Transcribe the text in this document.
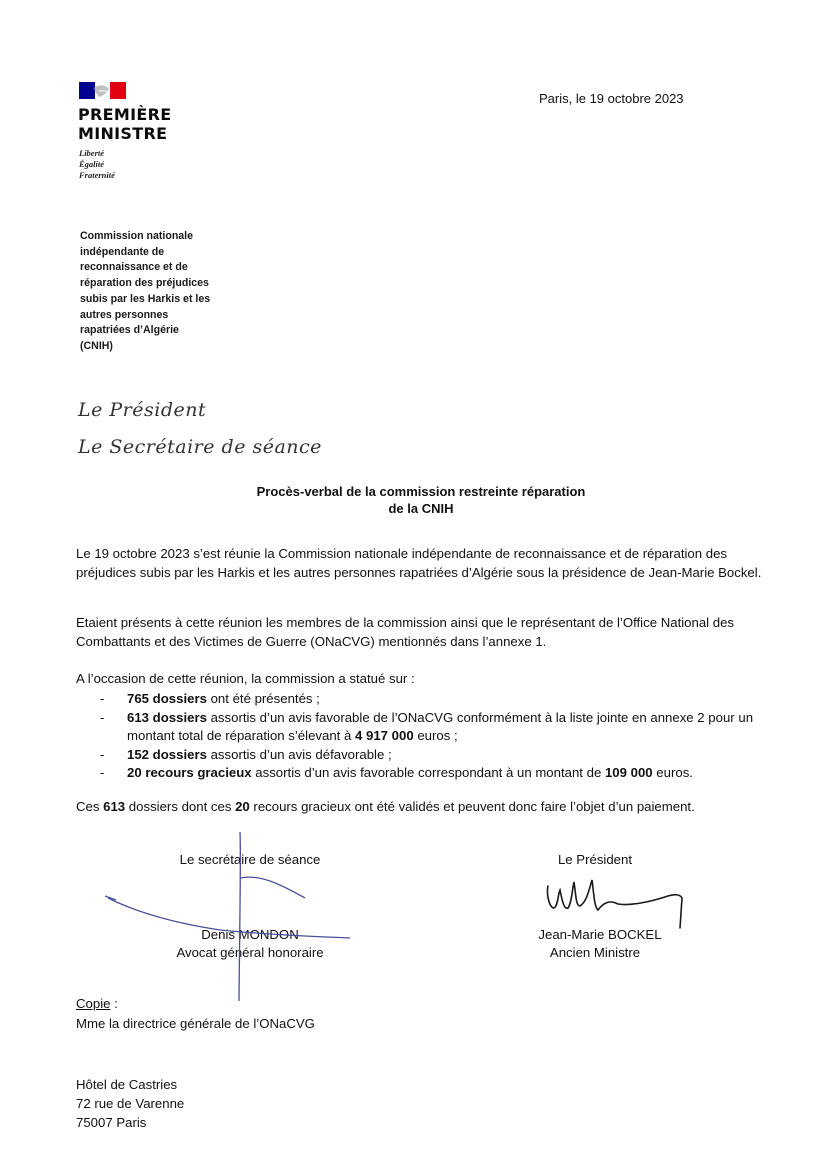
PREMIÈRE
MINISTRE
Liberté
Égalité
Fraternité
Paris, le 19 octobre 2023
Commission nationale
indépendante de
reconnaissance et de
réparation des préjudices
subis par les Harkis et les
autres personnes
rapatriées d’Algérie
(CNIH)
Le Président
Le Secrétaire de séance
Procès-verbal de la commission restreinte réparation
de la CNIH
Le 19 octobre 2023 s’est réunie la Commission nationale indépendante de reconnaissance et de réparation des préjudices subis par les Harkis et les autres personnes rapatriées d’Algérie sous la présidence de Jean-Marie Bockel.
Etaient présents à cette réunion les membres de la commission ainsi que le représentant de l’Office National des Combattants et des Victimes de Guerre (ONaCVG) mentionnés dans l’annexe 1.
A l’occasion de cette réunion, la commission a statué sur :
- 765 dossiers ont été présentés ;
- 613 dossiers assortis d’un avis favorable de l’ONaCVG conformément à la liste jointe en annexe 2 pour un montant total de réparation s’élevant à 4 917 000 euros ;
- 152 dossiers assortis d’un avis défavorable ;
- 20 recours gracieux assortis d’un avis favorable correspondant à un montant de 109 000 euros.
Ces 613 dossiers dont ces 20 recours gracieux ont été validés et peuvent donc faire l’objet d’un paiement.
Le secrétaire de séance
Denis MONDON
Avocat général honoraire
Le Président
Jean-Marie BOCKEL
Ancien Ministre
Copie :
Mme la directrice générale de l’ONaCVG
Hôtel de Castries
72 rue de Varenne
75007 Paris
